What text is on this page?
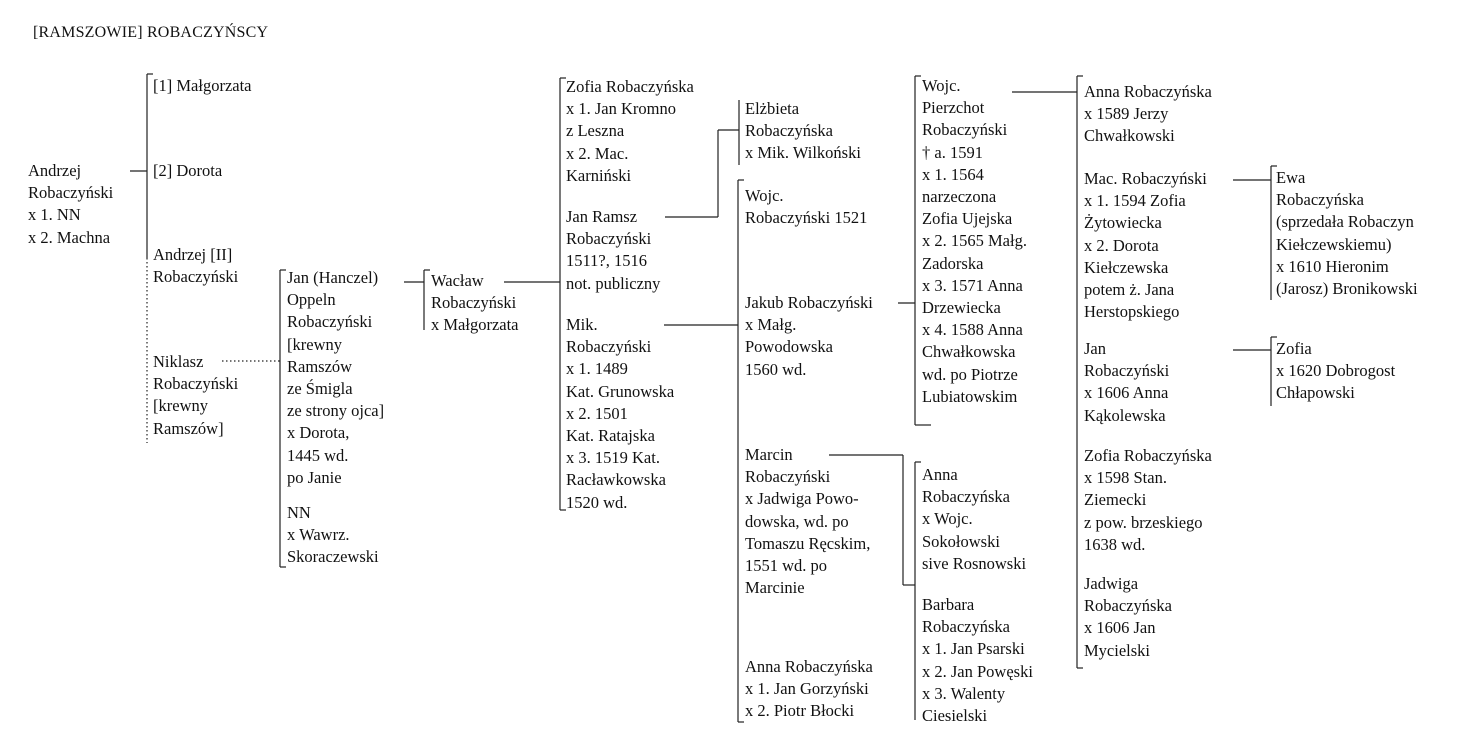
[RAMSZOWIE] ROBACZYŃSCY
Andrzej
Robaczyński
x 1. NN
x 2. Machna
[1] Małgorzata
[2] Dorota
Andrzej [II]
Robaczyński
Niklasz
Robaczyński
[krewny
Ramszów]
Jan (Hanczel)
Oppeln
Robaczyński
[krewny
Ramszów
ze Śmigla
ze strony ojca]
x Dorota,
1445 wd.
po Janie
NN
x Wawrz.
Skoraczewski
Wacław
Robaczyński
x Małgorzata
Zofia Robaczyńska
x 1. Jan Kromno
z Leszna
x 2. Mac.
Karniński
Jan Ramsz
Robaczyński
1511?, 1516
not. publiczny
Mik.
Robaczyński
x 1. 1489
Kat. Grunowska
x 2. 1501
Kat. Ratajska
x 3. 1519 Kat.
Racławkowska
1520 wd.
Elżbieta
Robaczyńska
x Mik. Wilkoński
Wojc.
Robaczyński 1521
Jakub Robaczyński
x Małg.
Powodowska
1560 wd.
Marcin
Robaczyński
x Jadwiga Powo-
dowska, wd. po
Tomaszu Ręcskim,
1551 wd. po
Marcinie
Anna Robaczyńska
x 1. Jan Gorzyński
x 2. Piotr Błocki
Wojc.
Pierzchot
Robaczyński
† a. 1591
x 1. 1564
narzeczona
Zofia Ujejska
x 2. 1565 Małg.
Zadorska
x 3. 1571 Anna
Drzewiecka
x 4. 1588 Anna
Chwałkowska
wd. po Piotrze
Lubiatowskim
Anna
Robaczyńska
x Wojc.
Sokołowski
sive Rosnowski
Barbara
Robaczyńska
x 1. Jan Psarski
x 2. Jan Powęski
x 3. Walenty
Ciesielski
Anna Robaczyńska
x 1589 Jerzy
Chwałkowski
Mac. Robaczyński
x 1. 1594 Zofia
Żytowiecka
x 2. Dorota
Kiełczewska
potem ż. Jana
Herstopskiego
Jan
Robaczyński
x 1606 Anna
Kąkolewska
Zofia Robaczyńska
x 1598 Stan.
Ziemecki
z pow. brzeskiego
1638 wd.
Jadwiga
Robaczyńska
x 1606 Jan
Mycielski
Ewa
Robaczyńska
(sprzedała Robaczyn
Kiełczewskiemu)
x 1610 Hieronim
(Jarosz) Bronikowski
Zofia
x 1620 Dobrogost
Chłapowski
